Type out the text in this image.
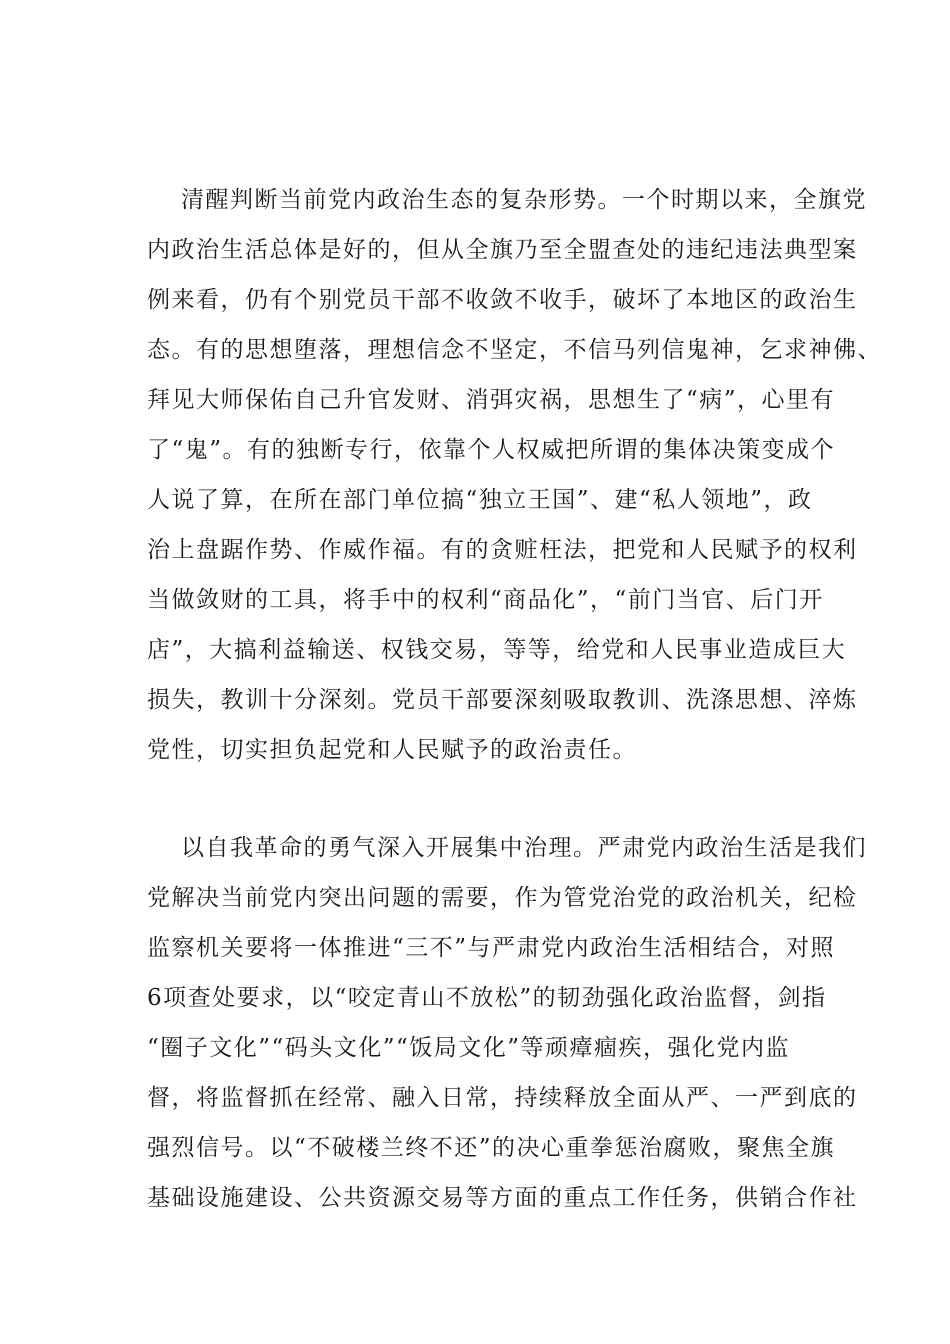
清醒判断当前党内政治生态的复杂形势。一个时期以来，全旗党
内政治生活总体是好的，但从全旗乃至全盟查处的违纪违法典型案
例来看，仍有个别党员干部不收敛不收手，破坏了本地区的政治生
态。有的思想堕落，理想信念不坚定，不信马列信鬼神，乞求神佛、
拜见大师保佑自己升官发财、消弭灾祸，思想生了“病”，心里有
了“鬼”。有的独断专行，依靠个人权威把所谓的集体决策变成个
人说了算，在所在部门单位搞“独立王国”、建“私人领地”，政
治上盘踞作势、作威作福。有的贪赃枉法，把党和人民赋予的权利
当做敛财的工具，将手中的权利“商品化”，“前门当官、后门开
店”，大搞利益输送、权钱交易，等等，给党和人民事业造成巨大
损失，教训十分深刻。党员干部要深刻吸取教训、洗涤思想、淬炼
党性，切实担负起党和人民赋予的政治责任。
以自我革命的勇气深入开展集中治理。严肃党内政治生活是我们
党解决当前党内突出问题的需要，作为管党治党的政治机关，纪检
监察机关要将一体推进“三不”与严肃党内政治生活相结合，对照
6项查处要求，以“咬定青山不放松”的韧劲强化政治监督，剑指
“圈子文化”“码头文化”“饭局文化”等顽瘴痼疾，强化党内监
督，将监督抓在经常、融入日常，持续释放全面从严、一严到底的
强烈信号。以“不破楼兰终不还”的决心重拳惩治腐败，聚焦全旗
基础设施建设、公共资源交易等方面的重点工作任务，供销合作社
